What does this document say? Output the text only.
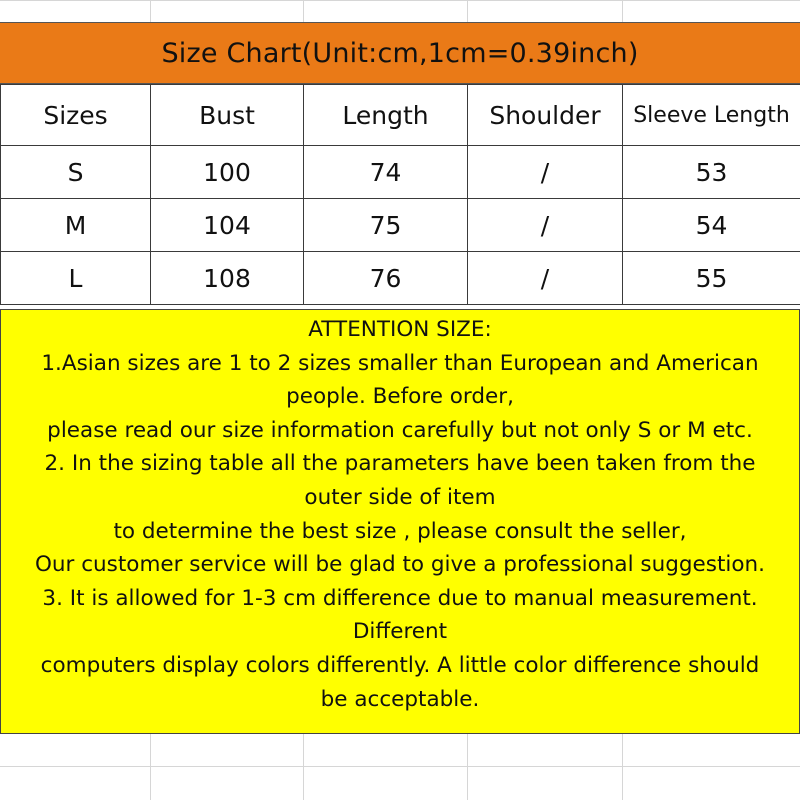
Size Chart(Unit:cm,1cm=0.39inch)
Sizes	Bust	Length	Shoulder	Sleeve Length
S	100	74	/	53
M	104	75	/	54
L	108	76	/	55
ATTENTION SIZE:
1.Asian sizes are 1 to 2 sizes smaller than European and American
people. Before order,
please read our size information carefully but not only S or M etc.
2. In the sizing table all the parameters have been taken from the
outer side of item
to determine the best size , please consult the seller,
Our customer service will be glad to give a professional suggestion.
3. It is allowed for 1-3 cm difference due to manual measurement.
Different
computers display colors differently. A little color difference should
be acceptable.
